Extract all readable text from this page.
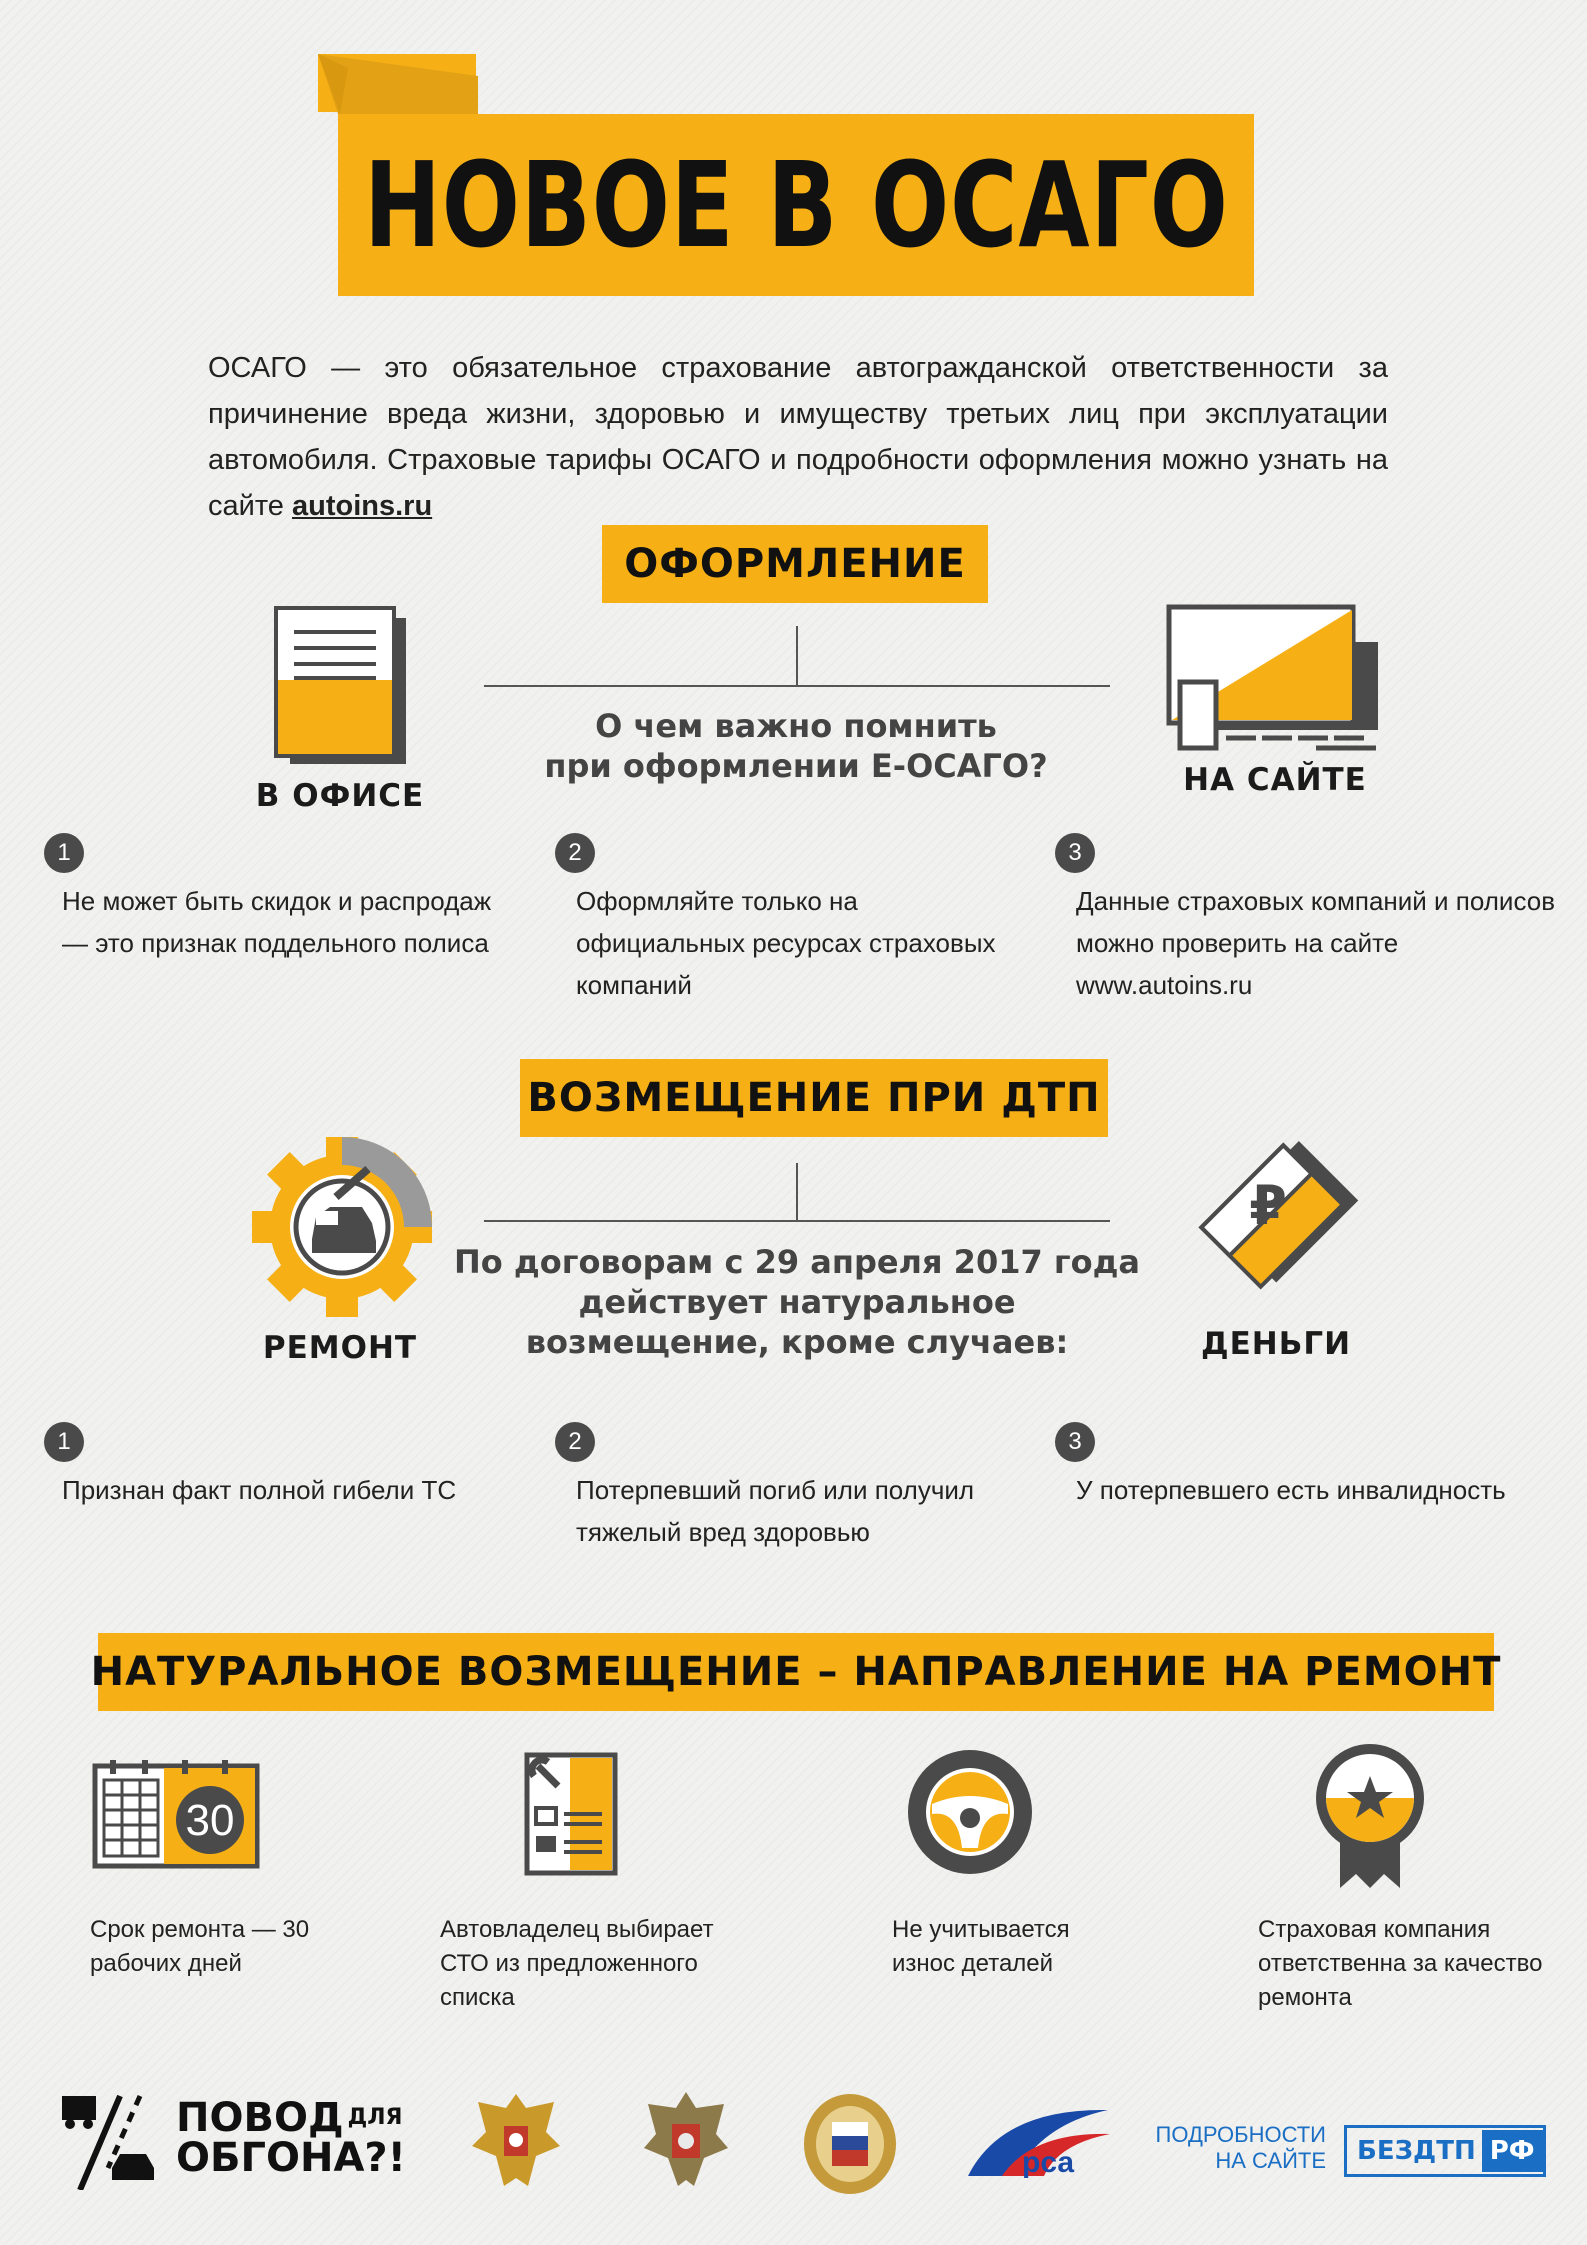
НОВОЕ В ОСАГО
ОСАГО — это обязательное страхование автогражданской ответственности за причинение вреда жизни, здоровью и имуществу третьих лиц при эксплуатации автомобиля. Страховые тарифы ОСАГО и подробности оформления можно узнать на сайте autoins.ru
ОФОРМЛЕНИЕ
В ОФИСЕ	НА САЙТЕ
О чем важно помнить
при оформлении Е-ОСАГО?
1
Не может быть скидок и распродаж — это признак поддельного полиса
2
Оформляйте только на официальных ресурсах страховых компаний
3
Данные страховых компаний и полисов можно проверить на сайте www.autoins.ru
ВОЗМЕЩЕНИЕ ПРИ ДТП
РЕМОНТ
₽
ДЕНЬГИ
По договорам с 29 апреля 2017 года
действует натуральное
возмещение, кроме случаев:
1
Признан факт полной гибели ТС
2
Потерпевший погиб или получил тяжелый вред здоровью
3
У потерпевшего есть инвалидность
НАТУРАЛЬНОЕ ВОЗМЕЩЕНИЕ – НАПРАВЛЕНИЕ НА РЕМОНТ
30
Срок ремонта — 30 рабочих дней
Автовладелец выбирает СТО из предложенного списка
Не учитывается износ деталей
Страховая компания ответственна за качество ремонта
ПОВОД $^{ДЛЯ}$
ОБГОНА?!	рса
ПОДРОБНОСТИ
НА САЙТЕ	БЕЗДТП РФ
